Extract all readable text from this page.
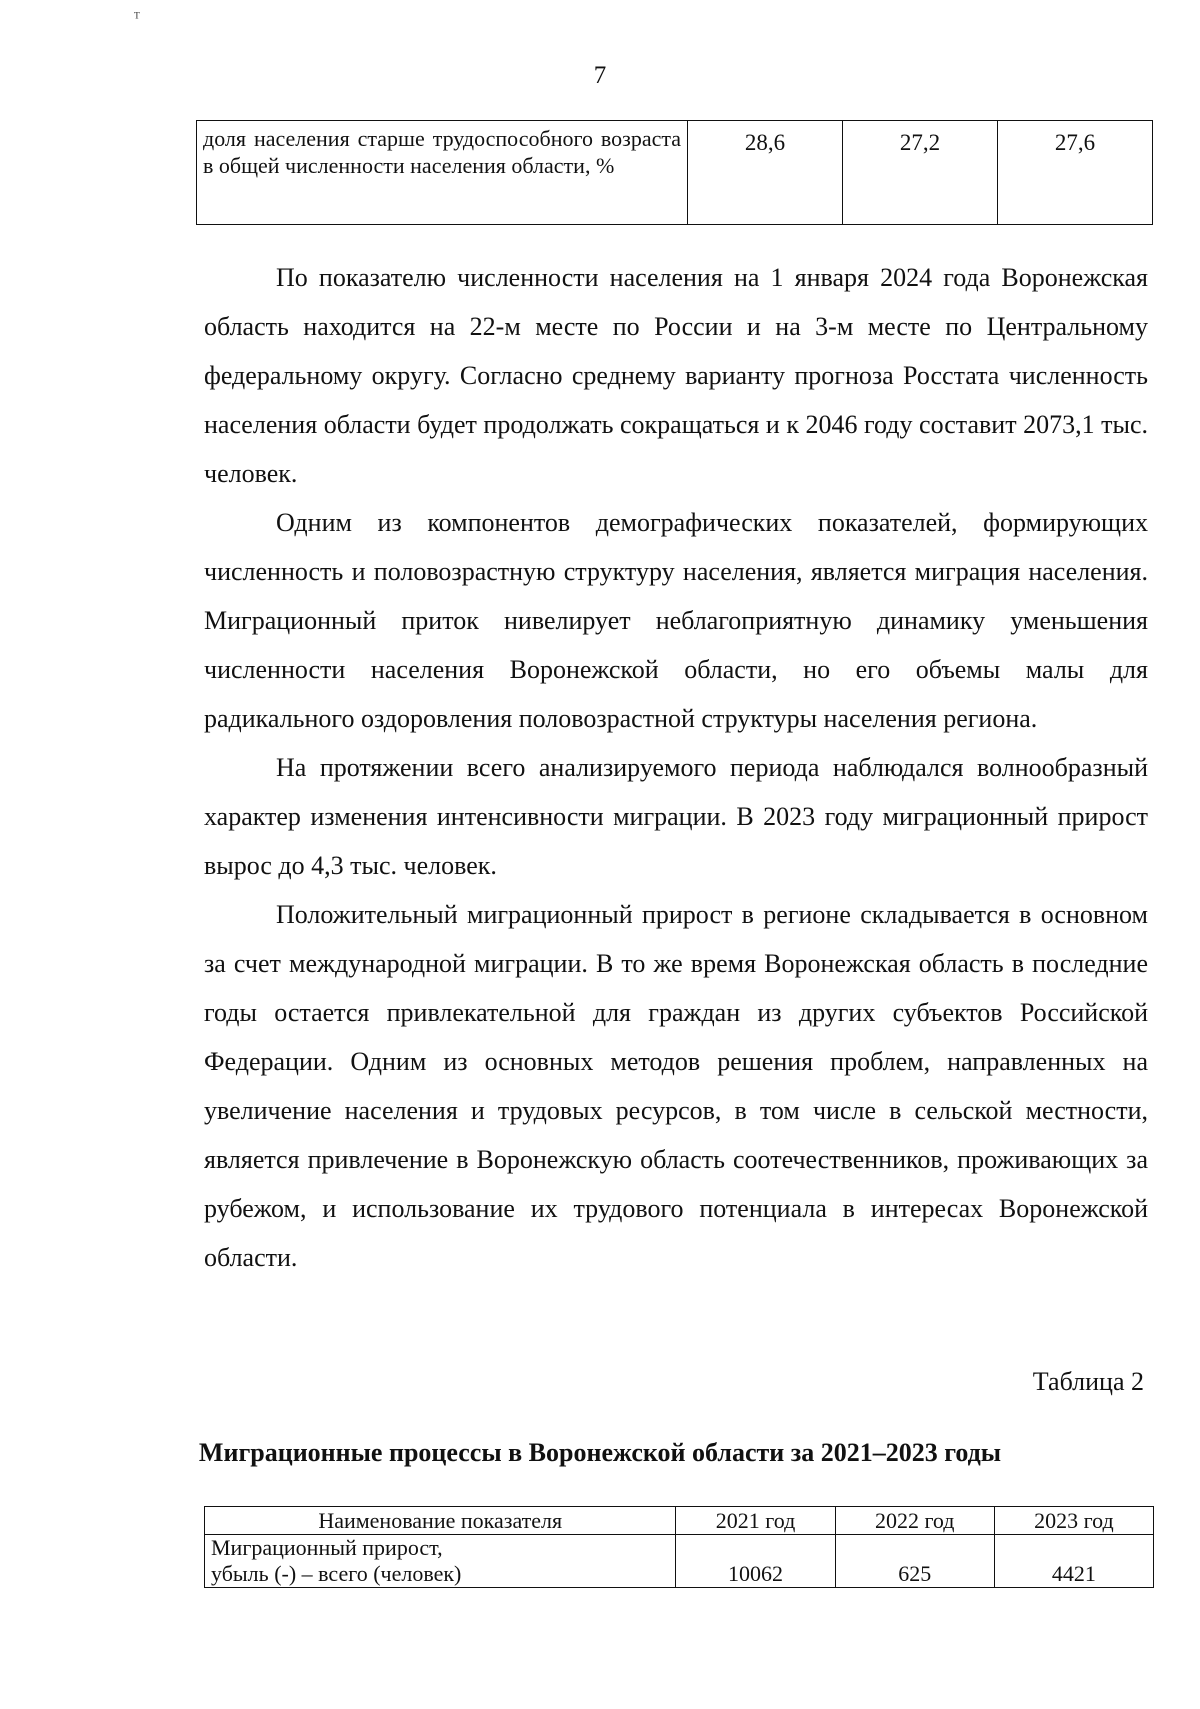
ᵀ
7
доля населения старше трудоспособного возраста в общей численности населения области, %	28,6	27,2	27,6

По показателю численности населения на 1 января 2024 года Воронежская область находится на 22-м месте по России и на 3-м месте по Центральному федеральному округу. Согласно среднему варианту прогноза Росстата численность населения области будет продолжать сокращаться и к 2046 году составит 2073,1 тыс. человек.

Одним из компонентов демографических показателей, формирующих численность и половозрастную структуру населения, является миграция населения. Миграционный приток нивелирует неблагоприятную динамику уменьшения численности населения Воронежской области, но его объемы малы для радикального оздоровления половозрастной структуры населения региона.

На протяжении всего анализируемого периода наблюдался волнообразный характер изменения интенсивности миграции. В 2023 году миграционный прирост вырос до 4,3 тыс. человек.

Положительный миграционный прирост в регионе складывается в основном за счет международной миграции. В то же время Воронежская область в последние годы остается привлекательной для граждан из других субъектов Российской Федерации. Одним из основных методов решения проблем, направленных на увеличение населения и трудовых ресурсов, в том числе в сельской местности, является привлечение в Воронежскую область соотечественников, проживающих за рубежом, и использование их трудового потенциала в интересах Воронежской области.

Таблица 2
Миграционные процессы в Воронежской области за 2021–2023 годы
Наименование показателя	2021 год	2022 год	2023 год
Миграционный прирост,
убыль (-) – всего (человек)	10062	625	4421
